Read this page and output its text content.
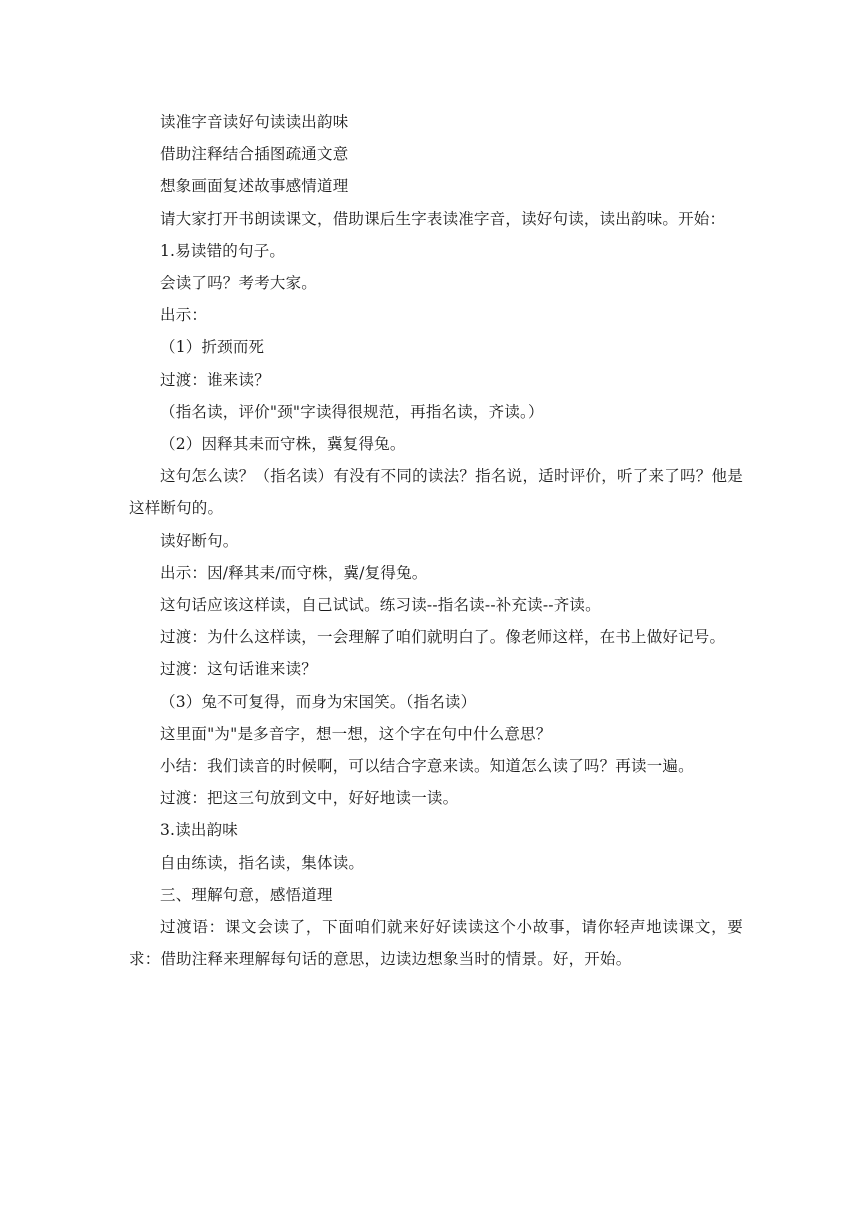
读准字音读好句读读出韵味

借助注释结合插图疏通文意

想象画面复述故事感情道理

请大家打开书朗读课文，借助课后生字表读准字音，读好句读，读出韵味。开始：

1.易读错的句子。

会读了吗？考考大家。

出示：

（1）折颈而死

过渡：谁来读？

（指名读，评价"颈"字读得很规范，再指名读，齐读。）

（2）因释其耒而守株，冀复得兔。

这句怎么读？（指名读）有没有不同的读法？指名说，适时评价，听了来了吗？他是这样断句的。

读好断句。

出示：因/释其耒/而守株，冀/复得兔。

这句话应该这样读，自己试试。练习读--指名读--补充读--齐读。

过渡：为什么这样读，一会理解了咱们就明白了。像老师这样，在书上做好记号。

过渡：这句话谁来读？

（3）兔不可复得，而身为宋国笑。（指名读）

这里面"为"是多音字，想一想，这个字在句中什么意思？

小结：我们读音的时候啊，可以结合字意来读。知道怎么读了吗？再读一遍。

过渡：把这三句放到文中，好好地读一读。

3.读出韵味

自由练读，指名读，集体读。

三、理解句意，感悟道理

过渡语：课文会读了，下面咱们就来好好读读这个小故事，请你轻声地读课文，要求：借助注释来理解每句话的意思，边读边想象当时的情景。好，开始。
